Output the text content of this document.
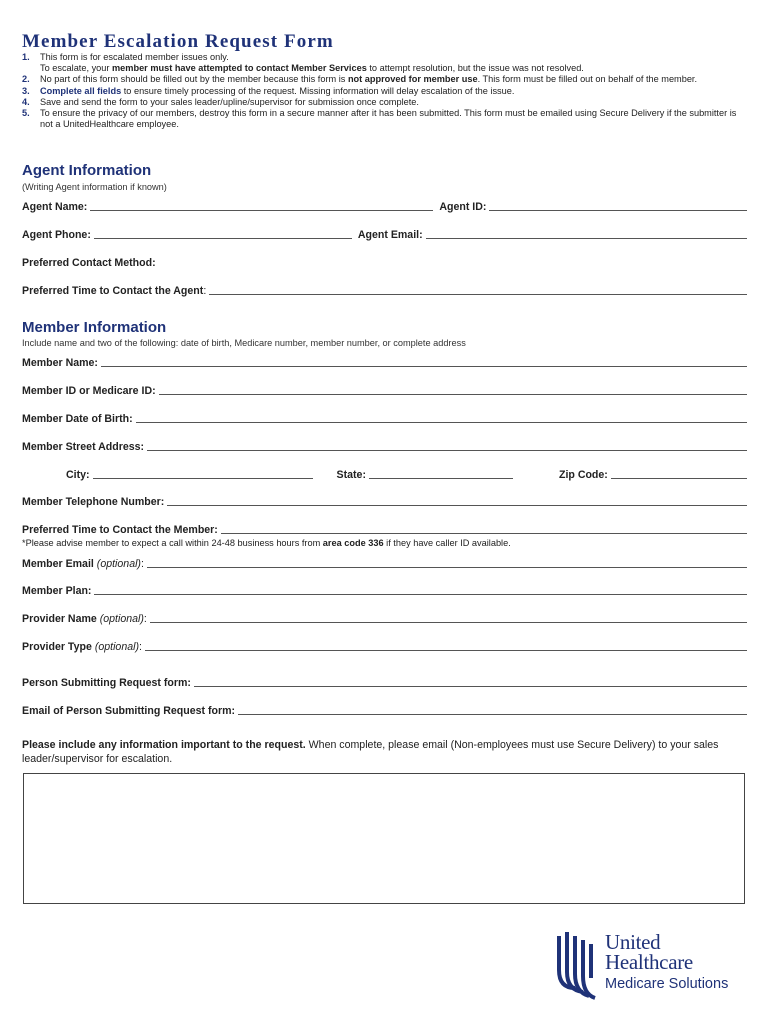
Member Escalation Request Form
1. This form is for escalated member issues only.
To escalate, your member must have attempted to contact Member Services to attempt resolution, but the issue was not resolved.
2. No part of this form should be filled out by the member because this form is not approved for member use. This form must be filled out on behalf of the member.
3. Complete all fields to ensure timely processing of the request. Missing information will delay escalation of the issue.
4. Save and send the form to your sales leader/upline/supervisor for submission once complete.
5. To ensure the privacy of our members, destroy this form in a secure manner after it has been submitted. This form must be emailed using Secure Delivery if the submitter is not a UnitedHealthcare employee.
Agent Information
(Writing Agent information if known)
Agent Name:	Agent ID:
Agent Phone:	Agent Email:
Preferred Contact Method:
Preferred Time to Contact the Agent:
Member Information
Include name and two of the following: date of birth, Medicare number, member number, or complete address
Member Name:
Member ID or Medicare ID:
Member Date of Birth:
Member Street Address:
City:	State:	Zip Code:
Member Telephone Number:
Preferred Time to Contact the Member:
*Please advise member to expect a call within 24-48 business hours from area code 336 if they have caller ID available.
Member Email (optional):
Member Plan:
Provider Name (optional):
Provider Type (optional):
Person Submitting Request form:
Email of Person Submitting Request form:
Please include any information important to the request. When complete, please email (Non-employees must use Secure Delivery) to your sales leader/supervisor for escalation.
United
Healthcare
Medicare Solutions
